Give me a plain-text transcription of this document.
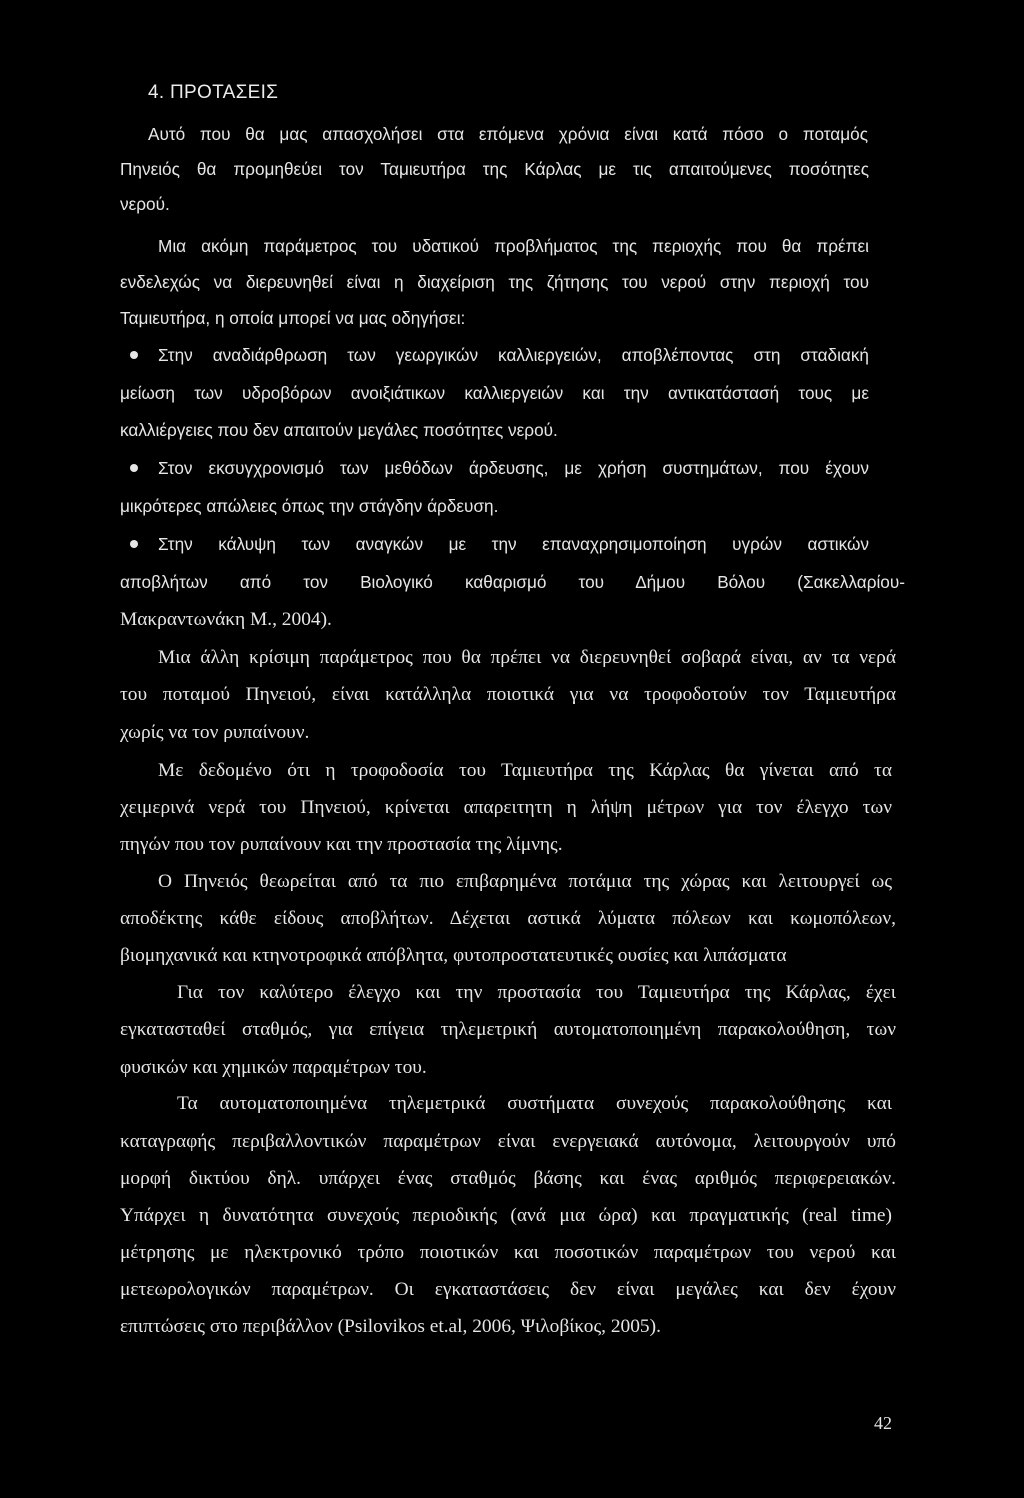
4. ΠΡΟΤΑΣΕΙΣ
Αυτό που θα μας απασχολήσει στα επόμενα χρόνια είναι κατά πόσο ο ποταμός
Πηνειός θα προμηθεύει τον Ταμιευτήρα της Κάρλας με τις απαιτούμενες ποσότητες
νερού.
Μια ακόμη παράμετρος του υδατικού προβλήματος της περιοχής που θα πρέπει
ενδελεχώς να διερευνηθεί είναι η διαχείριση της ζήτησης του νερού στην περιοχή του
Ταμιευτήρα, η οποία μπορεί να μας οδηγήσει:
Στην αναδιάρθρωση των γεωργικών καλλιεργειών, αποβλέποντας στη σταδιακή
μείωση των υδροβόρων ανοιξιάτικων καλλιεργειών και την αντικατάστασή τους με
καλλιέργειες που δεν απαιτούν μεγάλες ποσότητες νερού.
Στον εκσυγχρονισμό των μεθόδων άρδευσης, με χρήση συστημάτων, που έχουν
μικρότερες απώλειες όπως την στάγδην άρδευση.
Στην κάλυψη των αναγκών με την επαναχρησιμοποίηση υγρών αστικών
αποβλήτων από τον Βιολογικό καθαρισμό του Δήμου Βόλου (Σακελλαρίου-
Μακραντωνάκη Μ., 2004).
Μια άλλη κρίσιμη παράμετρος που θα πρέπει να διερευνηθεί σοβαρά είναι, αν τα νερά
του ποταμού Πηνειού, είναι κατάλληλα ποιοτικά για να τροφοδοτούν τον Ταμιευτήρα
χωρίς να τον ρυπαίνουν.
Με δεδομένο ότι η τροφοδοσία του Ταμιευτήρα της Κάρλας θα γίνεται από τα
χειμερινά νερά του Πηνειού, κρίνεται απαρειτητη η λήψη μέτρων για τον έλεγχο των
πηγών που τον ρυπαίνουν και την προστασία της λίμνης.
Ο Πηνειός θεωρείται από τα πιο επιβαρημένα ποτάμια της χώρας και λειτουργεί ως
αποδέκτης κάθε είδους αποβλήτων. Δέχεται αστικά λύματα πόλεων και κωμοπόλεων,
βιομηχανικά και κτηνοτροφικά απόβλητα, φυτοπροστατευτικές ουσίες και λιπάσματα
Για τον καλύτερο έλεγχο και την προστασία του Ταμιευτήρα της Κάρλας, έχει
εγκατασταθεί σταθμός, για επίγεια τηλεμετρική αυτοματοποιημένη παρακολούθηση, των
φυσικών και χημικών παραμέτρων του.
Τα αυτοματοποιημένα τηλεμετρικά συστήματα συνεχούς παρακολούθησης και
καταγραφής περιβαλλοντικών παραμέτρων είναι ενεργειακά αυτόνομα, λειτουργούν υπό
μορφή δικτύου δηλ. υπάρχει ένας σταθμός βάσης και ένας αριθμός περιφερειακών.
Υπάρχει η δυνατότητα συνεχούς περιοδικής (ανά μια ώρα) και πραγματικής (real time)
μέτρησης με ηλεκτρονικό τρόπο ποιοτικών και ποσοτικών παραμέτρων του νερού και
μετεωρολογικών παραμέτρων. Οι εγκαταστάσεις δεν είναι μεγάλες και δεν έχουν
επιπτώσεις στο περιβάλλον (Psilovikos et.al, 2006, Ψιλοβίκος, 2005).
42
